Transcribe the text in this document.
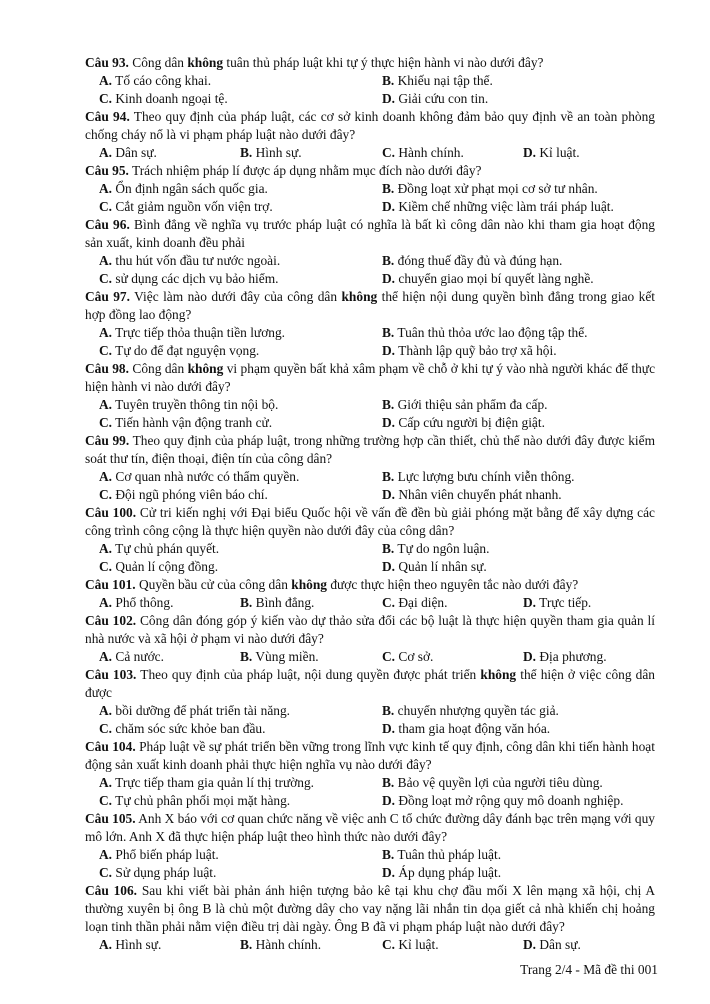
Câu 93. Công dân không tuân thủ pháp luật khi tự ý thực hiện hành vi nào dưới đây?
A. Tố cáo công khai.	B. Khiếu nại tập thể.
C. Kinh doanh ngoại tệ.	D. Giải cứu con tin.
Câu 94. Theo quy định của pháp luật, các cơ sở kinh doanh không đảm bảo quy định về an toàn phòng chống cháy nổ là vi phạm pháp luật nào dưới đây?
A. Dân sự.	B. Hình sự.	C. Hành chính.	D. Kỉ luật.
Câu 95. Trách nhiệm pháp lí được áp dụng nhằm mục đích nào dưới đây?
A. Ổn định ngân sách quốc gia.	B. Đồng loạt xử phạt mọi cơ sở tư nhân.
C. Cắt giảm nguồn vốn viện trợ.	D. Kiềm chế những việc làm trái pháp luật.
Câu 96. Bình đẳng về nghĩa vụ trước pháp luật có nghĩa là bất kì công dân nào khi tham gia hoạt động sản xuất, kinh doanh đều phải
A. thu hút vốn đầu tư nước ngoài.	B. đóng thuế đầy đủ và đúng hạn.
C. sử dụng các dịch vụ bảo hiểm.	D. chuyển giao mọi bí quyết làng nghề.
Câu 97. Việc làm nào dưới đây của công dân không thể hiện nội dung quyền bình đẳng trong giao kết hợp đồng lao động?
A. Trực tiếp thỏa thuận tiền lương.	B. Tuân thủ thỏa ước lao động tập thể.
C. Tự do để đạt nguyện vọng.	D. Thành lập quỹ bảo trợ xã hội.
Câu 98. Công dân không vi phạm quyền bất khả xâm phạm về chỗ ở khi tự ý vào nhà người khác để thực hiện hành vi nào dưới đây?
A. Tuyên truyền thông tin nội bộ.	B. Giới thiệu sản phẩm đa cấp.
C. Tiến hành vận động tranh cử.	D. Cấp cứu người bị điện giật.
Câu 99. Theo quy định của pháp luật, trong những trường hợp cần thiết, chủ thể nào dưới đây được kiểm soát thư tín, điện thoại, điện tín của công dân?
A. Cơ quan nhà nước có thẩm quyền.	B. Lực lượng bưu chính viễn thông.
C. Đội ngũ phóng viên báo chí.	D. Nhân viên chuyển phát nhanh.
Câu 100. Cử tri kiến nghị với Đại biểu Quốc hội về vấn đề đền bù giải phóng mặt bằng để xây dựng các công trình công cộng là thực hiện quyền nào dưới đây của công dân?
A. Tự chủ phán quyết.	B. Tự do ngôn luận.
C. Quản lí cộng đồng.	D. Quản lí nhân sự.
Câu 101. Quyền bầu cử của công dân không được thực hiện theo nguyên tắc nào dưới đây?
A. Phổ thông.	B. Bình đẳng.	C. Đại diện.	D. Trực tiếp.
Câu 102. Công dân đóng góp ý kiến vào dự thảo sửa đổi các bộ luật là thực hiện quyền tham gia quản lí nhà nước và xã hội ở phạm vi nào dưới đây?
A. Cả nước.	B. Vùng miền.	C. Cơ sở.	D. Địa phương.
Câu 103. Theo quy định của pháp luật, nội dung quyền được phát triển không thể hiện ở việc công dân được
A. bồi dưỡng để phát triển tài năng.	B. chuyển nhượng quyền tác giả.
C. chăm sóc sức khỏe ban đầu.	D. tham gia hoạt động văn hóa.
Câu 104. Pháp luật về sự phát triển bền vững trong lĩnh vực kinh tế quy định, công dân khi tiến hành hoạt động sản xuất kinh doanh phải thực hiện nghĩa vụ nào dưới đây?
A. Trực tiếp tham gia quản lí thị trường.	B. Bảo vệ quyền lợi của người tiêu dùng.
C. Tự chủ phân phối mọi mặt hàng.	D. Đồng loạt mở rộng quy mô doanh nghiệp.
Câu 105. Anh X báo với cơ quan chức năng về việc anh C tổ chức đường dây đánh bạc trên mạng với quy mô lớn. Anh X đã thực hiện pháp luật theo hình thức nào dưới đây?
A. Phổ biến pháp luật.	B. Tuân thủ pháp luật.
C. Sử dụng pháp luật.	D. Áp dụng pháp luật.
Câu 106. Sau khi viết bài phản ánh hiện tượng bảo kê tại khu chợ đầu mối X lên mạng xã hội, chị A thường xuyên bị ông B là chủ một đường dây cho vay nặng lãi nhắn tin dọa giết cả nhà khiến chị hoảng loạn tinh thần phải nằm viện điều trị dài ngày. Ông B đã vi phạm pháp luật nào dưới đây?
A. Hình sự.	B. Hành chính.	C. Kỉ luật.	D. Dân sự.
Trang 2/4 - Mã đề thi 001
